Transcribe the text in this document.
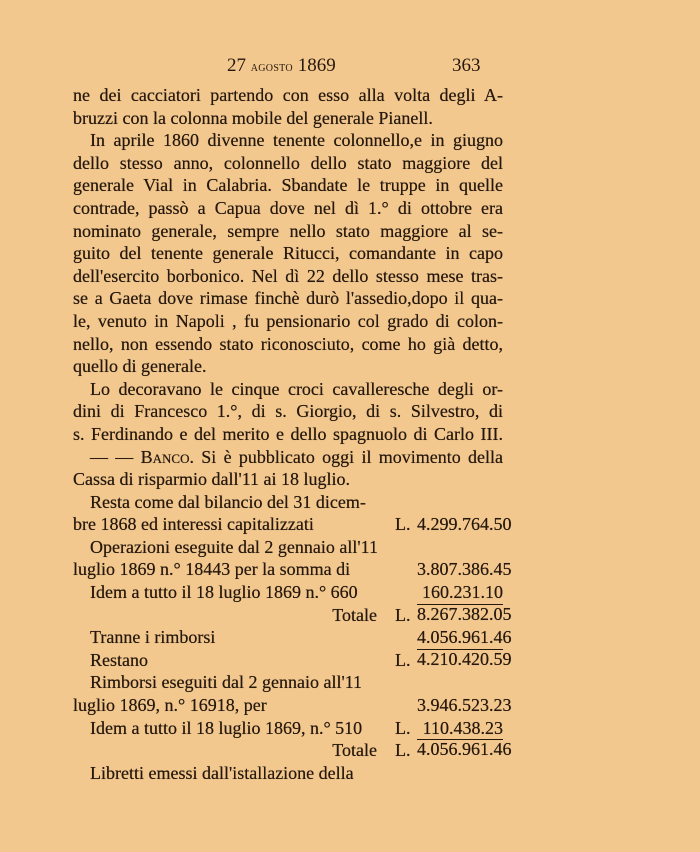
27 agosto 1869	363
ne dei cacciatori partendo con esso alla volta degli A-
bruzzi con la colonna mobile del generale Pianell.
In aprile 1860 divenne tenente colonnello,e in giugno
dello stesso anno, colonnello dello stato maggiore del
generale Vial in Calabria. Sbandate le truppe in quelle
contrade, passò a Capua dove nel dì 1.° di ottobre era
nominato generale, sempre nello stato maggiore al se-
guito del tenente generale Ritucci, comandante in capo
dell'esercito borbonico. Nel dì 22 dello stesso mese tras-
se a Gaeta dove rimase finchè durò l'assedio,dopo il qua-
le, venuto in Napoli , fu pensionario col grado di colon-
nello, non essendo stato riconosciuto, come ho già detto,
quello di generale.
Lo decoravano le cinque croci cavalleresche degli or-
dini di Francesco 1.°, di s. Giorgio, di s. Silvestro, di
s. Ferdinando e del merito e dello spagnuolo di Carlo III.
— — Banco. Si è pubblicato oggi il movimento della
Cassa di risparmio dall'11 ai 18 luglio.
Resta come dal bilancio del 31 dicem-
bre 1868 ed interessi capitalizzati	L. 4.299.764.50
Operazioni eseguite dal 2 gennaio all'11
luglio 1869 n.° 18443 per la somma di	3.807.386.45
Idem a tutto il 18 luglio 1869 n.° 660	160.231.10
Totale	L. 8.267.382.05
Tranne i rimborsi	4.056.961.46
Restano	L. 4.210.420.59
Rimborsi eseguiti dal 2 gennaio all'11
luglio 1869, n.° 16918, per	3.946.523.23
Idem a tutto il 18 luglio 1869, n.° 510	L. 110.438.23
Totale	L. 4.056.961.46
Libretti emessi dall'istallazione della
